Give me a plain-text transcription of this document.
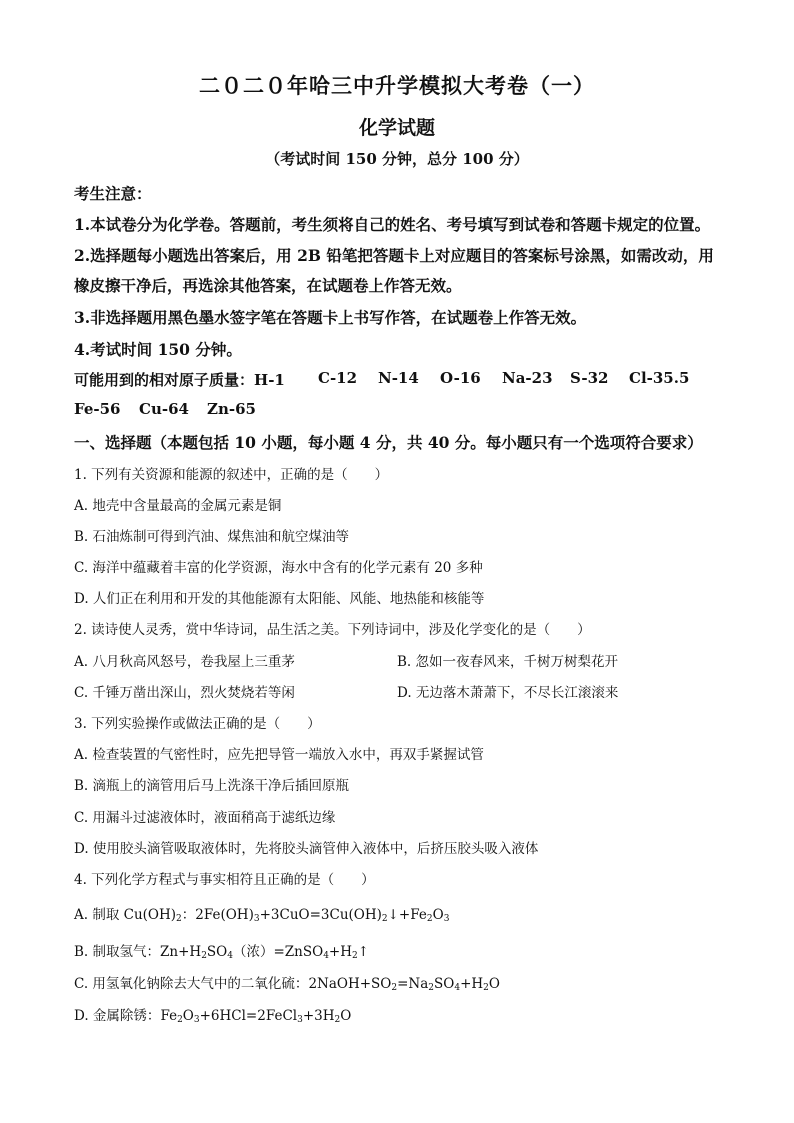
二０二０年哈三中升学模拟大考卷（一）
化学试题
（考试时间 150 分钟，总分 100 分）
考生注意：
1.本试卷分为化学卷。答题前，考生须将自己的姓名、考号填写到试卷和答题卡规定的位置。
2.选择题每小题选出答案后，用 2B 铅笔把答题卡上对应题目的答案标号涂黑，如需改动，用
橡皮擦干净后，再选涂其他答案，在试题卷上作答无效。
3.非选择题用黑色墨水签字笔在答题卡上书写作答，在试题卷上作答无效。
4.考试时间 150 分钟。
可能用到的相对原子质量：H-1 C-12 N-14 O-16 Na-23 S-32 Cl-35.5
Fe-56 Cu-64 Zn-65
一、选择题（本题包括 10 小题，每小题 4 分，共 40 分。每小题只有一个选项符合要求）
1. 下列有关资源和能源的叙述中，正确的是（　　）
A. 地壳中含量最高的金属元素是铜
B. 石油炼制可得到汽油、煤焦油和航空煤油等
C. 海洋中蕴藏着丰富的化学资源，海水中含有的化学元素有 20 多种
D. 人们正在利用和开发的其他能源有太阳能、风能、地热能和核能等
2. 读诗使人灵秀，赏中华诗词，品生活之美。下列诗词中，涉及化学变化的是（　　）
A. 八月秋高风怒号，卷我屋上三重茅	B. 忽如一夜春风来，千树万树梨花开
C. 千锤万凿出深山，烈火焚烧若等闲	D. 无边落木萧萧下，不尽长江滚滚来
3. 下列实验操作或做法正确的是（　　）
A. 检查装置的气密性时，应先把导管一端放入水中，再双手紧握试管
B. 滴瓶上的滴管用后马上洗涤干净后插回原瓶
C. 用漏斗过滤液体时，液面稍高于滤纸边缘
D. 使用胶头滴管吸取液体时，先将胶头滴管伸入液体中，后挤压胶头吸入液体
4. 下列化学方程式与事实相符且正确的是（　　）
A. 制取 $Cu(OH)_2$：$2Fe(OH)_3+3CuO=3Cu(OH)_2↓+Fe_2O_3$
B. 制取氢气：$Zn+H_2SO_4$（浓）$=ZnSO_4+H_2↑$
C. 用氢氧化钠除去大气中的二氧化硫：$2NaOH+SO_2=Na_2SO_4+H_2O$
D. 金属除锈：$Fe_2O_3+6HCl=2FeCl_3+3H_2O$
